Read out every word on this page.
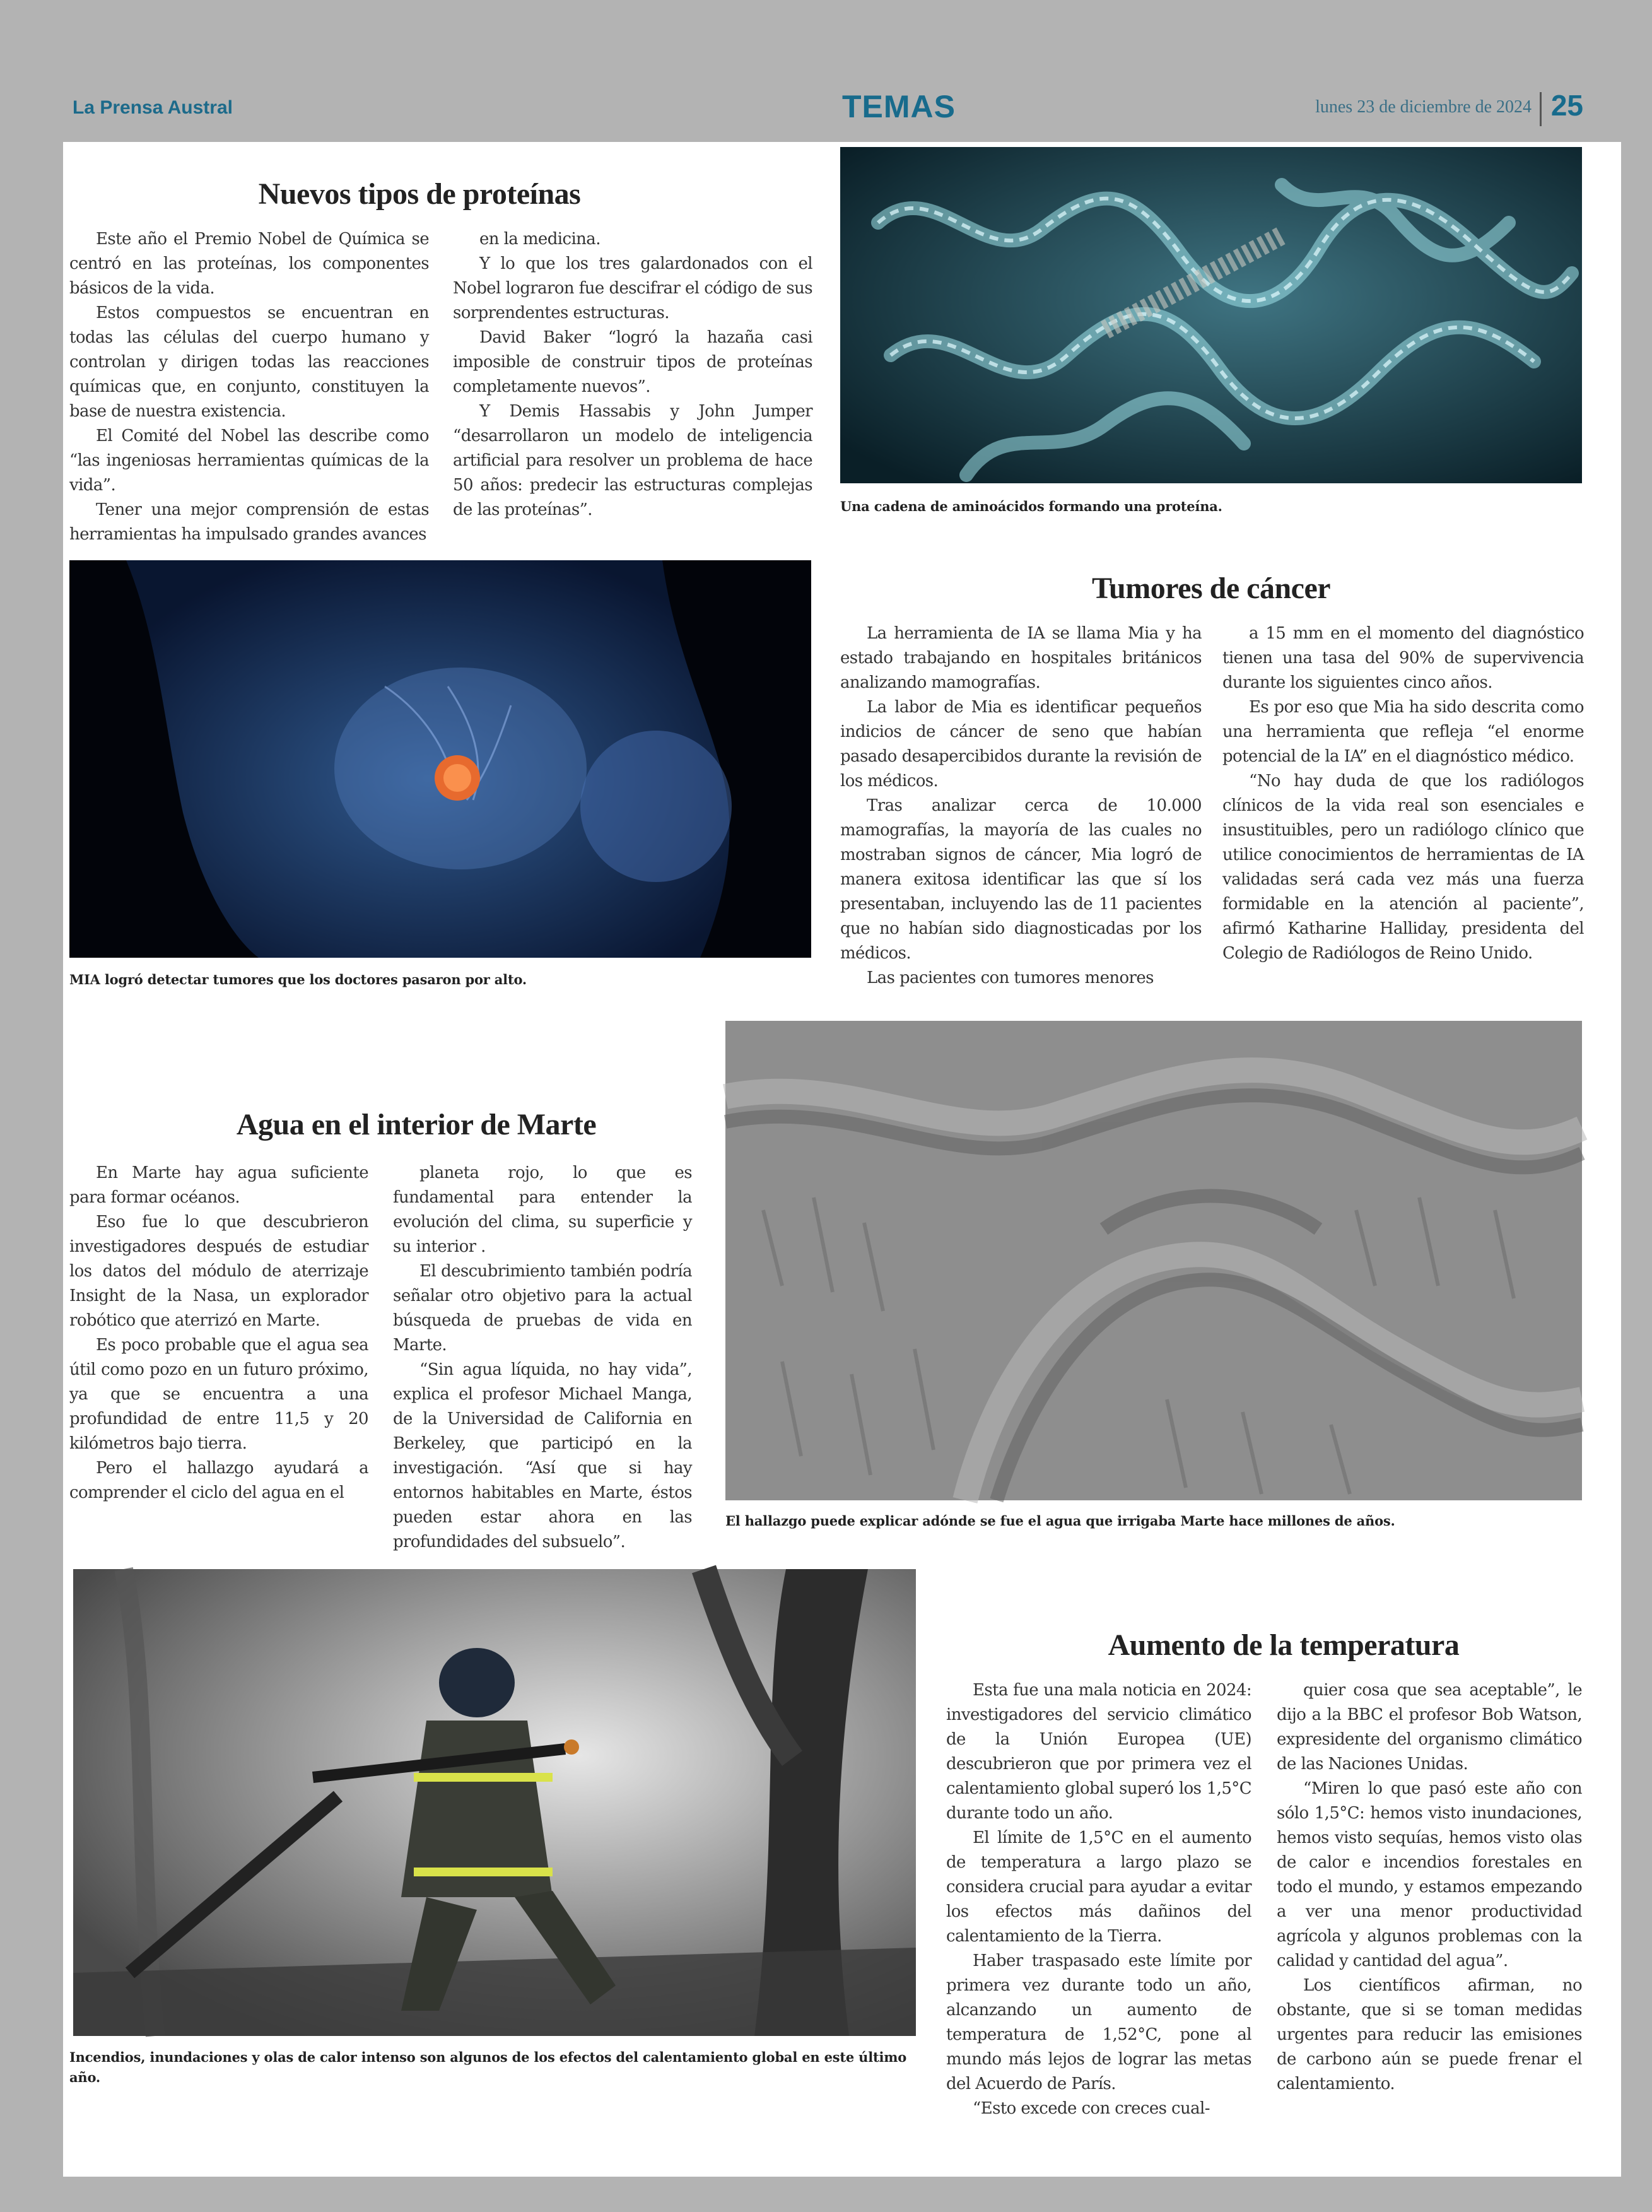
La Prensa Austral	TEMAS	lunes 23 de diciembre de 2024 25
Nuevos tipos de proteínas

Este año el Premio Nobel de Química se centró en las proteínas, los componentes básicos de la vida.

Estos compuestos se encuentran en todas las células del cuerpo humano y controlan y dirigen todas las reacciones químicas que, en conjunto, constituyen la base de nuestra existencia.

El Comité del Nobel las describe como “las ingeniosas herramientas químicas de la vida”.

Tener una mejor comprensión de estas herramientas ha impulsado grandes avances

en la medicina.

Y lo que los tres galardonados con el Nobel lograron fue descifrar el código de sus sorprendentes estructuras.

David Baker “logró la hazaña casi imposible de construir tipos de proteínas completamente nuevos”.

Y Demis Hassabis y John Jumper “desarrollaron un modelo de inteligencia artificial para resolver un problema de hace 50 años: predecir las estructuras complejas de las proteínas”.	Una cadena de aminoácidos formando una proteína.
MIA logró detectar tumores que los doctores pasaron por alto.
Tumores de cáncer

La herramienta de IA se llama Mia y ha estado trabajando en hospitales británicos analizando mamografías.

La labor de Mia es identificar pequeños indicios de cáncer de seno que habían pasado desapercibidos durante la revisión de los médicos.

Tras analizar cerca de 10.000 mamografías, la mayoría de las cuales no mostraban signos de cáncer, Mia logró de manera exitosa identificar las que sí los presentaban, incluyendo las de 11 pacientes que no habían sido diagnosticadas por los médicos.

Las pacientes con tumores menores

a 15 mm en el momento del diagnóstico tienen una tasa del 90% de supervivencia durante los siguientes cinco años.

Es por eso que Mia ha sido descrita como una herramienta que refleja “el enorme potencial de la IA” en el diagnóstico médico.

“No hay duda de que los radiólogos clínicos de la vida real son esenciales e insustituibles, pero un radiólogo clínico que utilice conocimientos de herramientas de IA validadas será cada vez más una fuerza formidable en la atención al paciente”, afirmó Katharine Halliday, presidenta del Colegio de Radiólogos de Reino Unido.

Agua en el interior de Marte

En Marte hay agua suficiente para formar océanos.

Eso fue lo que descubrieron investigadores después de estudiar los datos del módulo de aterrizaje Insight de la Nasa, un explorador robótico que aterrizó en Marte.

Es poco probable que el agua sea útil como pozo en un futuro próximo, ya que se encuentra a una profundidad de entre 11,5 y 20 kilómetros bajo tierra.

Pero el hallazgo ayudará a comprender el ciclo del agua en el

planeta rojo, lo que es fundamental para entender la evolución del clima, su superficie y su interior .

El descubrimiento también podría señalar otro objetivo para la actual búsqueda de pruebas de vida en Marte.

“Sin agua líquida, no hay vida”, explica el profesor Michael Manga, de la Universidad de California en Berkeley, que participó en la investigación. “Así que si hay entornos habitables en Marte, éstos pueden estar ahora en las profundidades del subsuelo”.

El hallazgo puede explicar adónde se fue el agua que irrigaba Marte hace millones de años.
Incendios, inundaciones y olas de calor intenso son algunos de los efectos del calentamiento global en este último año.
Aumento de la temperatura

Esta fue una mala noticia en 2024: investigadores del servicio climático de la Unión Europea (UE) descubrieron que por primera vez el calentamiento global superó los 1,5°C durante todo un año.

El límite de 1,5°C en el aumento de temperatura a largo plazo se considera crucial para ayudar a evitar los efectos más dañinos del calentamiento de la Tierra.

Haber traspasado este límite por primera vez durante todo un año, alcanzando un aumento de temperatura de 1,52°C, pone al mundo más lejos de lograr las metas del Acuerdo de París.

“Esto excede con creces cual-

quier cosa que sea aceptable”, le dijo a la BBC el profesor Bob Watson, expresidente del organismo climático de las Naciones Unidas.

“Miren lo que pasó este año con sólo 1,5°C: hemos visto inundaciones, hemos visto sequías, hemos visto olas de calor e incendios forestales en todo el mundo, y estamos empezando a ver una menor productividad agrícola y algunos problemas con la calidad y cantidad del agua”.

Los científicos afirman, no obstante, que si se toman medidas urgentes para reducir las emisiones de carbono aún se puede frenar el calentamiento.
